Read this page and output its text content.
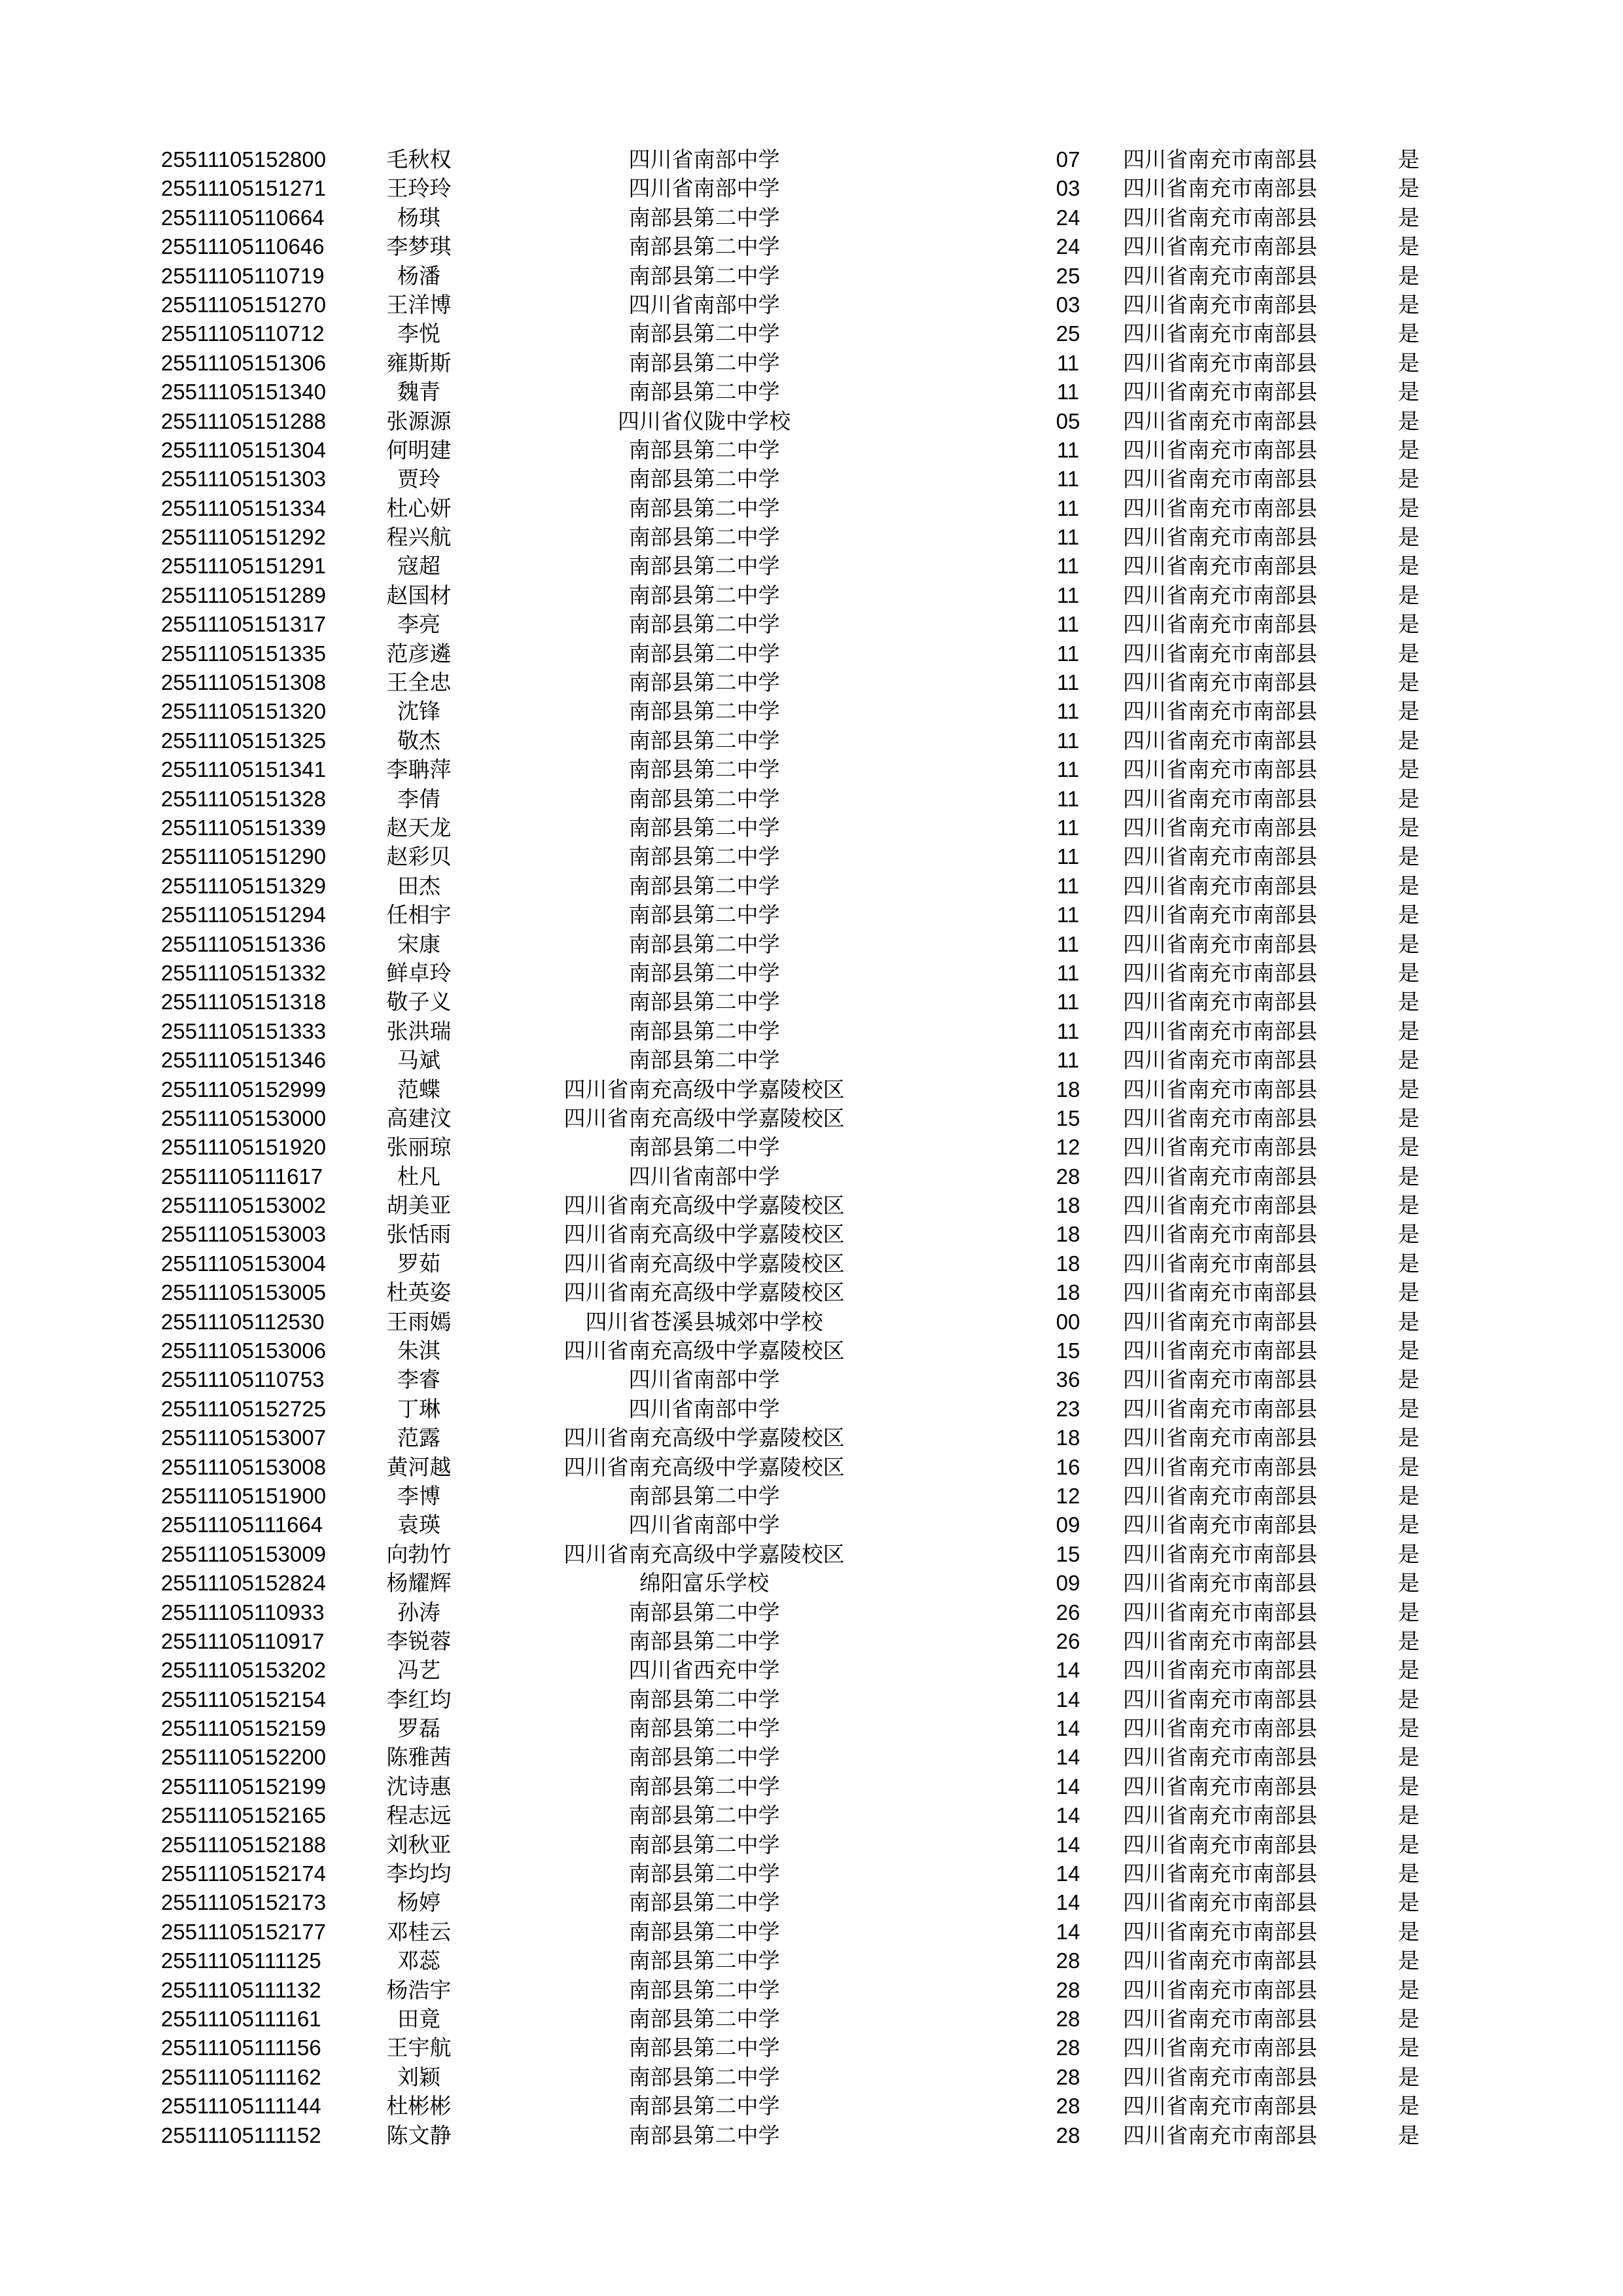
25511105152800	毛秋权	四川省南部中学	07	四川省南充市南部县	是
25511105151271	王玲玲	四川省南部中学	03	四川省南充市南部县	是
25511105110664	杨琪	南部县第二中学	24	四川省南充市南部县	是
25511105110646	李梦琪	南部县第二中学	24	四川省南充市南部县	是
25511105110719	杨潘	南部县第二中学	25	四川省南充市南部县	是
25511105151270	王洋博	四川省南部中学	03	四川省南充市南部县	是
25511105110712	李悦	南部县第二中学	25	四川省南充市南部县	是
25511105151306	雍斯斯	南部县第二中学	11	四川省南充市南部县	是
25511105151340	魏青	南部县第二中学	11	四川省南充市南部县	是
25511105151288	张源源	四川省仪陇中学校	05	四川省南充市南部县	是
25511105151304	何明建	南部县第二中学	11	四川省南充市南部县	是
25511105151303	贾玲	南部县第二中学	11	四川省南充市南部县	是
25511105151334	杜心妍	南部县第二中学	11	四川省南充市南部县	是
25511105151292	程兴航	南部县第二中学	11	四川省南充市南部县	是
25511105151291	寇超	南部县第二中学	11	四川省南充市南部县	是
25511105151289	赵国材	南部县第二中学	11	四川省南充市南部县	是
25511105151317	李亮	南部县第二中学	11	四川省南充市南部县	是
25511105151335	范彦遴	南部县第二中学	11	四川省南充市南部县	是
25511105151308	王全忠	南部县第二中学	11	四川省南充市南部县	是
25511105151320	沈锋	南部县第二中学	11	四川省南充市南部县	是
25511105151325	敬杰	南部县第二中学	11	四川省南充市南部县	是
25511105151341	李聃萍	南部县第二中学	11	四川省南充市南部县	是
25511105151328	李倩	南部县第二中学	11	四川省南充市南部县	是
25511105151339	赵天龙	南部县第二中学	11	四川省南充市南部县	是
25511105151290	赵彩贝	南部县第二中学	11	四川省南充市南部县	是
25511105151329	田杰	南部县第二中学	11	四川省南充市南部县	是
25511105151294	任相宇	南部县第二中学	11	四川省南充市南部县	是
25511105151336	宋康	南部县第二中学	11	四川省南充市南部县	是
25511105151332	鲜卓玲	南部县第二中学	11	四川省南充市南部县	是
25511105151318	敬子义	南部县第二中学	11	四川省南充市南部县	是
25511105151333	张洪瑞	南部县第二中学	11	四川省南充市南部县	是
25511105151346	马斌	南部县第二中学	11	四川省南充市南部县	是
25511105152999	范蝶	四川省南充高级中学嘉陵校区	18	四川省南充市南部县	是
25511105153000	高建汶	四川省南充高级中学嘉陵校区	15	四川省南充市南部县	是
25511105151920	张丽琼	南部县第二中学	12	四川省南充市南部县	是
25511105111617	杜凡	四川省南部中学	28	四川省南充市南部县	是
25511105153002	胡美亚	四川省南充高级中学嘉陵校区	18	四川省南充市南部县	是
25511105153003	张恬雨	四川省南充高级中学嘉陵校区	18	四川省南充市南部县	是
25511105153004	罗茹	四川省南充高级中学嘉陵校区	18	四川省南充市南部县	是
25511105153005	杜英姿	四川省南充高级中学嘉陵校区	18	四川省南充市南部县	是
25511105112530	王雨嫣	四川省苍溪县城郊中学校	00	四川省南充市南部县	是
25511105153006	朱淇	四川省南充高级中学嘉陵校区	15	四川省南充市南部县	是
25511105110753	李睿	四川省南部中学	36	四川省南充市南部县	是
25511105152725	丁琳	四川省南部中学	23	四川省南充市南部县	是
25511105153007	范露	四川省南充高级中学嘉陵校区	18	四川省南充市南部县	是
25511105153008	黄河越	四川省南充高级中学嘉陵校区	16	四川省南充市南部县	是
25511105151900	李博	南部县第二中学	12	四川省南充市南部县	是
25511105111664	袁瑛	四川省南部中学	09	四川省南充市南部县	是
25511105153009	向勃竹	四川省南充高级中学嘉陵校区	15	四川省南充市南部县	是
25511105152824	杨耀辉	绵阳富乐学校	09	四川省南充市南部县	是
25511105110933	孙涛	南部县第二中学	26	四川省南充市南部县	是
25511105110917	李锐蓉	南部县第二中学	26	四川省南充市南部县	是
25511105153202	冯艺	四川省西充中学	14	四川省南充市南部县	是
25511105152154	李红均	南部县第二中学	14	四川省南充市南部县	是
25511105152159	罗磊	南部县第二中学	14	四川省南充市南部县	是
25511105152200	陈雅茜	南部县第二中学	14	四川省南充市南部县	是
25511105152199	沈诗惠	南部县第二中学	14	四川省南充市南部县	是
25511105152165	程志远	南部县第二中学	14	四川省南充市南部县	是
25511105152188	刘秋亚	南部县第二中学	14	四川省南充市南部县	是
25511105152174	李均均	南部县第二中学	14	四川省南充市南部县	是
25511105152173	杨婷	南部县第二中学	14	四川省南充市南部县	是
25511105152177	邓桂云	南部县第二中学	14	四川省南充市南部县	是
25511105111125	邓蕊	南部县第二中学	28	四川省南充市南部县	是
25511105111132	杨浩宇	南部县第二中学	28	四川省南充市南部县	是
25511105111161	田竟	南部县第二中学	28	四川省南充市南部县	是
25511105111156	王宇航	南部县第二中学	28	四川省南充市南部县	是
25511105111162	刘颖	南部县第二中学	28	四川省南充市南部县	是
25511105111144	杜彬彬	南部县第二中学	28	四川省南充市南部县	是
25511105111152	陈文静	南部县第二中学	28	四川省南充市南部县	是
